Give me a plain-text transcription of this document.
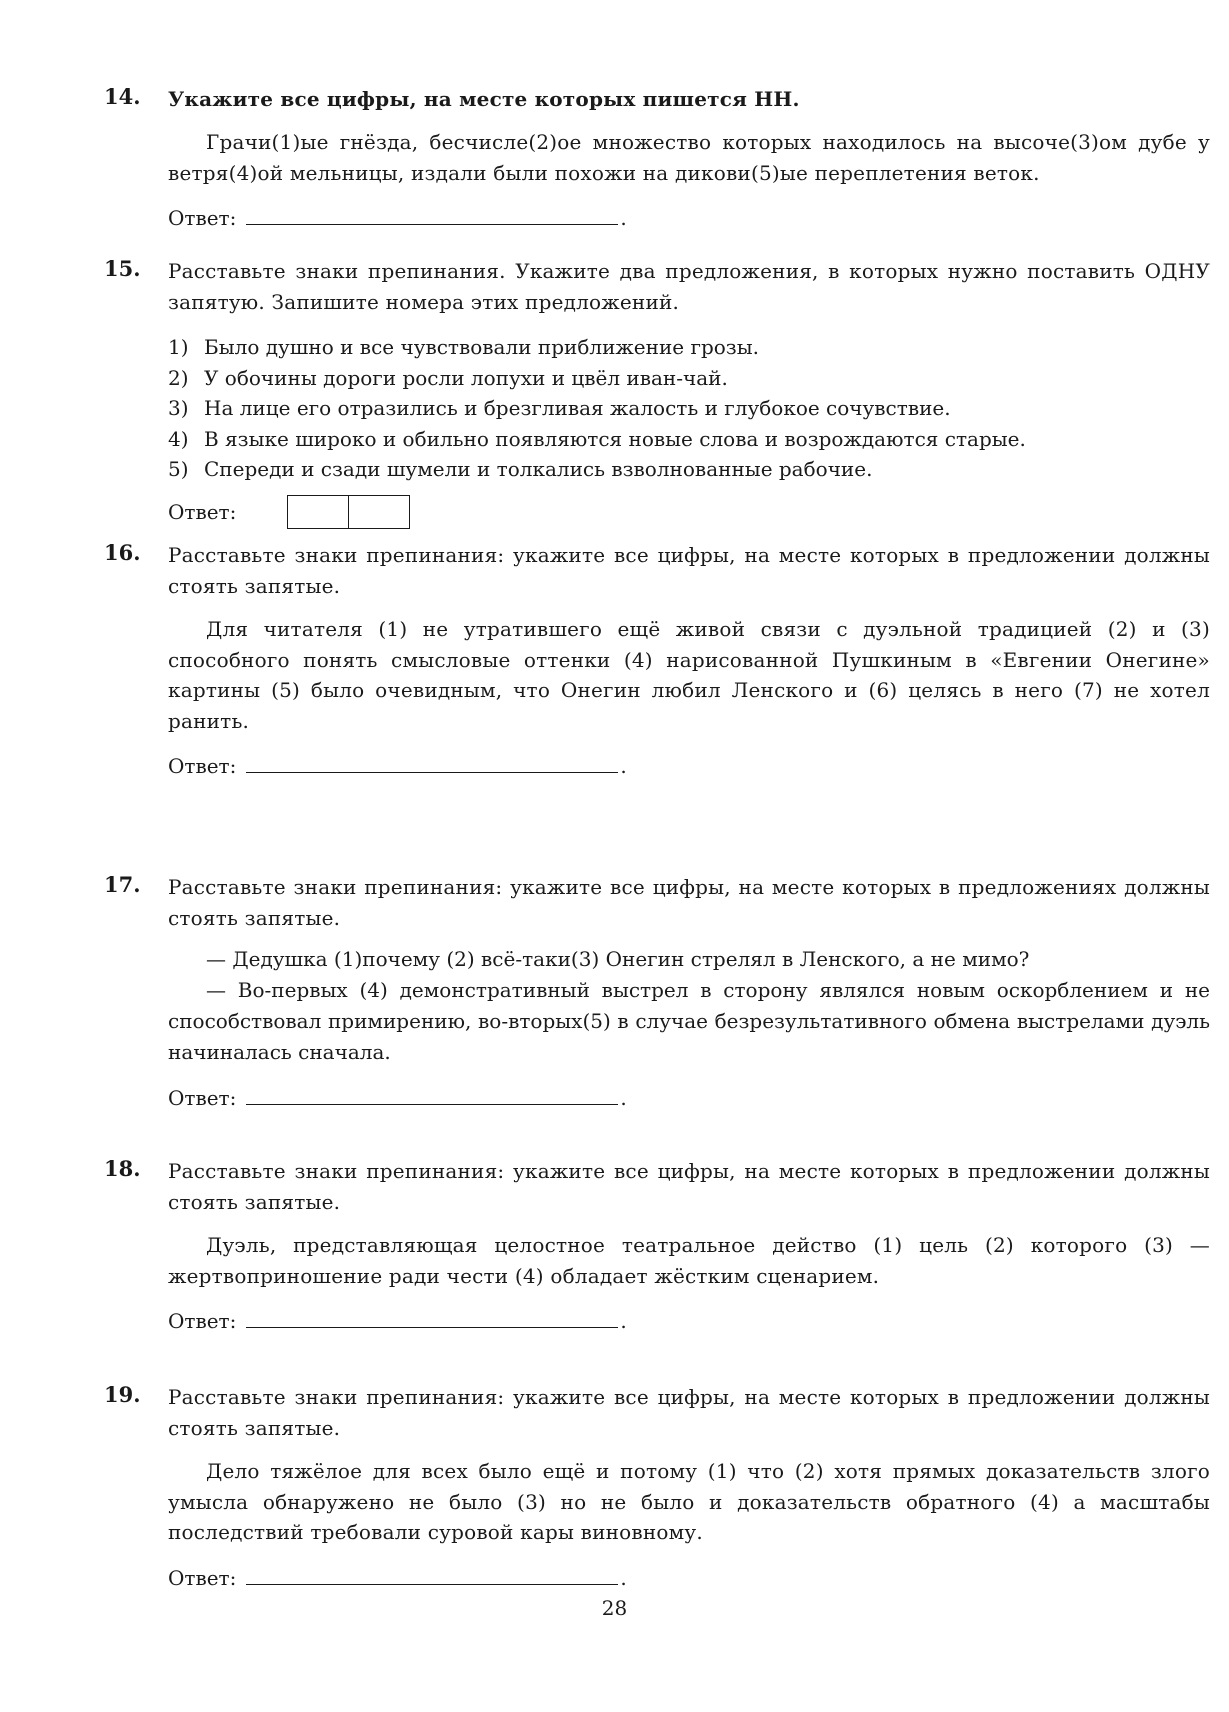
14.	Укажите все цифры, на месте которых пишется НН.
Грачи(1)ые гнёзда, бесчисле(2)ое множество которых находилось на высоче(3)ом дубе у ветря(4)ой мельницы, издали были похожи на дикови(5)ые переплетения веток.
Ответ:	.
15.	Расставьте знаки препинания. Укажите два предложения, в которых нужно поставить ОДНУ запятую. Запишите номера этих предложений.
1) Было душно и все чувствовали приближение грозы.
2) У обочины дороги росли лопухи и цвёл иван-чай.
3) На лице его отразились и брезгливая жалость и глубокое сочувствие.
4) В языке широко и обильно появляются новые слова и возрождаются старые.
5) Спереди и сзади шумели и толкались взволнованные рабочие.
Ответ:
16.	Расставьте знаки препинания: укажите все цифры, на месте которых в предложении должны стоять запятые.
Для читателя (1) не утратившего ещё живой связи с дуэльной традицией (2) и (3) способного понять смысловые оттенки (4) нарисованной Пушкиным в «Евгении Онегине» картины (5) было очевидным, что Онегин любил Ленского и (6) целясь в него (7) не хотел ранить.
Ответ:	.
17.	Расставьте знаки препинания: укажите все цифры, на месте которых в предложениях должны стоять запятые.

— Дедушка (1)почему (2) всё-таки(3) Онегин стрелял в Ленского, а не мимо?

— Во-первых (4) демонстративный выстрел в сторону являлся новым оскорблением и не способствовал примирению, во-вторых(5) в случае безрезультативного обмена выстрелами дуэль начиналась сначала.

Ответ:	.
18.	Расставьте знаки препинания: укажите все цифры, на месте которых в предложении должны стоять запятые.
Дуэль, представляющая целостное театральное действо (1) цель (2) которого (3) — жертвоприношение ради чести (4) обладает жёстким сценарием.
Ответ:	.
19.	Расставьте знаки препинания: укажите все цифры, на месте которых в предложении должны стоять запятые.
Дело тяжёлое для всех было ещё и потому (1) что (2) хотя прямых доказательств злого умысла обнаружено не было (3) но не было и доказательств обратного (4) а масштабы последствий требовали суровой кары виновному.
Ответ:	.
28
